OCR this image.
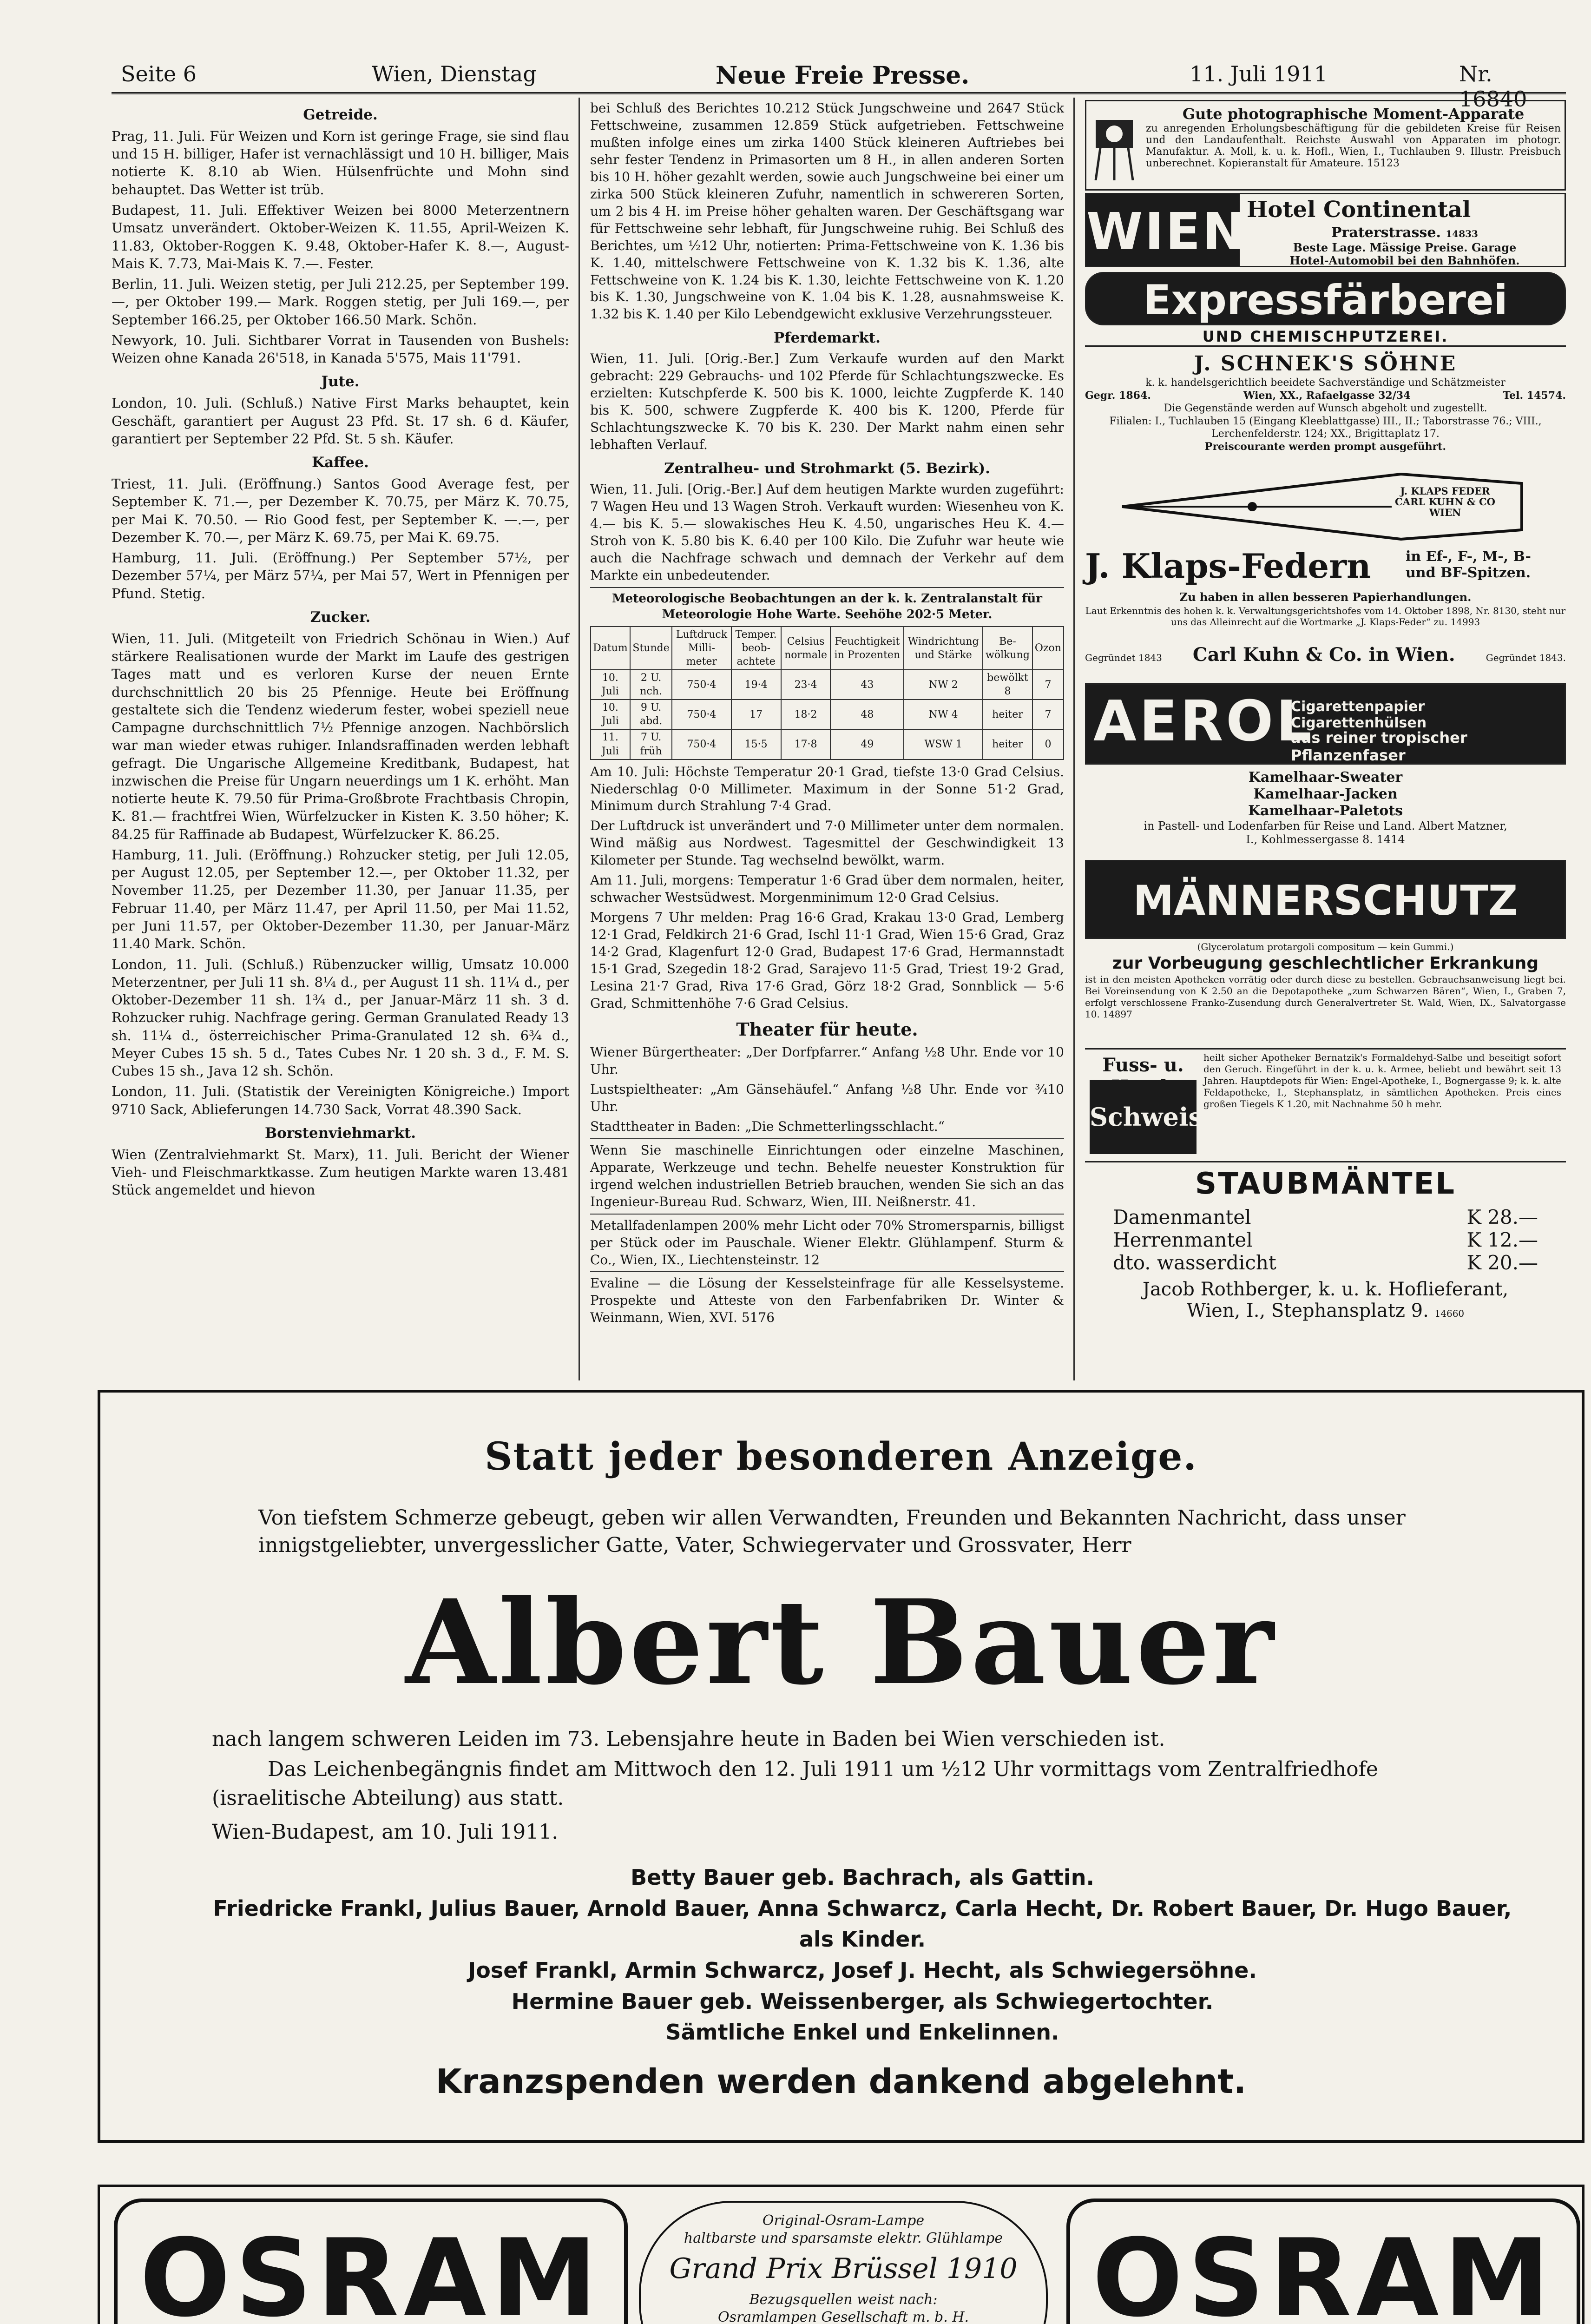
Seite 6	Wien, Dienstag	Neue Freie Presse.	11. Juli 1911	Nr. 16840
Getreide.

Prag, 11. Juli. Für Weizen und Korn ist geringe Frage, sie sind flau und 15 H. billiger, Hafer ist vernachlässigt und 10 H. billiger, Mais notierte K. 8.10 ab Wien. Hülsenfrüchte und Mohn sind behauptet. Das Wetter ist trüb.

Budapest, 11. Juli. Effektiver Weizen bei 8000 Meterzentnern Umsatz unverändert. Oktober-Weizen K. 11.55, April-Weizen K. 11.83, Oktober-Roggen K. 9.48, Oktober-Hafer K. 8.—, August-Mais K. 7.73, Mai-Mais K. 7.—. Fester.

Berlin, 11. Juli. Weizen stetig, per Juli 212.25, per September 199.—, per Oktober 199.— Mark. Roggen stetig, per Juli 169.—, per September 166.25, per Oktober 166.50 Mark. Schön.

Newyork, 10. Juli. Sichtbarer Vorrat in Tausenden von Bushels: Weizen ohne Kanada 26'518, in Kanada 5'575, Mais 11'791.

Jute.

London, 10. Juli. (Schluß.) Native First Marks behauptet, kein Geschäft, garantiert per August 23 Pfd. St. 17 sh. 6 d. Käufer, garantiert per September 22 Pfd. St. 5 sh. Käufer.

Kaffee.

Triest, 11. Juli. (Eröffnung.) Santos Good Average fest, per September K. 71.—, per Dezember K. 70.75, per März K. 70.75, per Mai K. 70.50. — Rio Good fest, per September K. —.—, per Dezember K. 70.—, per März K. 69.75, per Mai K. 69.75.

Hamburg, 11. Juli. (Eröffnung.) Per September 57½, per Dezember 57¼, per März 57¼, per Mai 57, Wert in Pfennigen per Pfund. Stetig.

Zucker.

Wien, 11. Juli. (Mitgeteilt von Friedrich Schönau in Wien.) Auf stärkere Realisationen wurde der Markt im Laufe des gestrigen Tages matt und es verloren Kurse der neuen Ernte durchschnittlich 20 bis 25 Pfennige. Heute bei Eröffnung gestaltete sich die Tendenz wiederum fester, wobei speziell neue Campagne durchschnittlich 7½ Pfennige anzogen. Nachbörslich war man wieder etwas ruhiger. Inlandsraffinaden werden lebhaft gefragt. Die Ungarische Allgemeine Kreditbank, Budapest, hat inzwischen die Preise für Ungarn neuerdings um 1 K. erhöht. Man notierte heute K. 79.50 für Prima-Großbrote Frachtbasis Chropin, K. 81.— frachtfrei Wien, Würfelzucker in Kisten K. 3.50 höher; K. 84.25 für Raffinade ab Budapest, Würfelzucker K. 86.25.

Hamburg, 11. Juli. (Eröffnung.) Rohzucker stetig, per Juli 12.05, per August 12.05, per September 12.—, per Oktober 11.32, per November 11.25, per Dezember 11.30, per Januar 11.35, per Februar 11.40, per März 11.47, per April 11.50, per Mai 11.52, per Juni 11.57, per Oktober-Dezember 11.30, per Januar-März 11.40 Mark. Schön.

London, 11. Juli. (Schluß.) Rübenzucker willig, Umsatz 10.000 Meterzentner, per Juli 11 sh. 8¼ d., per August 11 sh. 11¼ d., per Oktober-Dezember 11 sh. 1¾ d., per Januar-März 11 sh. 3 d. Rohzucker ruhig. Nachfrage gering. German Granulated Ready 13 sh. 11¼ d., österreichischer Prima-Granulated 12 sh. 6¾ d., Meyer Cubes 15 sh. 5 d., Tates Cubes Nr. 1 20 sh. 3 d., F. M. S. Cubes 15 sh., Java 12 sh. Schön.

London, 11. Juli. (Statistik der Vereinigten Königreiche.) Import 9710 Sack, Ablieferungen 14.730 Sack, Vorrat 48.390 Sack.

Borstenviehmarkt.

Wien (Zentralviehmarkt St. Marx), 11. Juli. Bericht der Wiener Vieh- und Fleischmarktkasse. Zum heutigen Markte waren 13.481 Stück angemeldet und hievon

bei Schluß des Berichtes 10.212 Stück Jungschweine und 2647 Stück Fettschweine, zusammen 12.859 Stück aufgetrieben. Fettschweine mußten infolge eines um zirka 1400 Stück kleineren Auftriebes bei sehr fester Tendenz in Primasorten um 8 H., in allen anderen Sorten bis 10 H. höher gezahlt werden, sowie auch Jungschweine bei einer um zirka 500 Stück kleineren Zufuhr, namentlich in schwereren Sorten, um 2 bis 4 H. im Preise höher gehalten waren. Der Geschäftsgang war für Fettschweine sehr lebhaft, für Jungschweine ruhig. Bei Schluß des Berichtes, um ½12 Uhr, notierten: Prima-Fettschweine von K. 1.36 bis K. 1.40, mittelschwere Fettschweine von K. 1.32 bis K. 1.36, alte Fettschweine von K. 1.24 bis K. 1.30, leichte Fettschweine von K. 1.20 bis K. 1.30, Jungschweine von K. 1.04 bis K. 1.28, ausnahmsweise K. 1.32 bis K. 1.40 per Kilo Lebendgewicht exklusive Verzehrungssteuer.

Pferdemarkt.

Wien, 11. Juli. [Orig.-Ber.] Zum Verkaufe wurden auf den Markt gebracht: 229 Gebrauchs- und 102 Pferde für Schlachtungszwecke. Es erzielten: Kutschpferde K. 500 bis K. 1000, leichte Zugpferde K. 140 bis K. 500, schwere Zugpferde K. 400 bis K. 1200, Pferde für Schlachtungszwecke K. 70 bis K. 230. Der Markt nahm einen sehr lebhaften Verlauf.

Zentralheu- und Strohmarkt (5. Bezirk).

Wien, 11. Juli. [Orig.-Ber.] Auf dem heutigen Markte wurden zugeführt: 7 Wagen Heu und 13 Wagen Stroh. Verkauft wurden: Wiesenheu von K. 4.— bis K. 5.— slowakisches Heu K. 4.50, ungarisches Heu K. 4.— Stroh von K. 5.80 bis K. 6.40 per 100 Kilo. Die Zufuhr war heute wie auch die Nachfrage schwach und demnach der Verkehr auf dem Markte ein unbedeutender.

Meteorologische Beobachtungen an der k. k. Zentralanstalt für Meteorologie Hohe Warte. Seehöhe 202·5 Meter.

Datum	Stunde	Luftdruck Milli-meter	Temper. beob-achtete	Celsius normale	Feuchtigkeit in Prozenten	Windrichtung und Stärke	Be-wölkung	Ozon
10. Juli	2 U. nch.	750·4	19·4	23·4	43	NW 2	bewölkt 8	7
10. Juli	9 U. abd.	750·4	17	18·2	48	NW 4	heiter	7
11. Juli	7 U. früh	750·4	15·5	17·8	49	WSW 1	heiter	0

Am 10. Juli: Höchste Temperatur 20·1 Grad, tiefste 13·0 Grad Celsius. Niederschlag 0·0 Millimeter. Maximum in der Sonne 51·2 Grad, Minimum durch Strahlung 7·4 Grad.

Der Luftdruck ist unverändert und 7·0 Millimeter unter dem normalen. Wind mäßig aus Nordwest. Tagesmittel der Geschwindigkeit 13 Kilometer per Stunde. Tag wechselnd bewölkt, warm.

Am 11. Juli, morgens: Temperatur 1·6 Grad über dem normalen, heiter, schwacher Westsüdwest. Morgenminimum 12·0 Grad Celsius.

Morgens 7 Uhr melden: Prag 16·6 Grad, Krakau 13·0 Grad, Lemberg 12·1 Grad, Feldkirch 21·6 Grad, Ischl 11·1 Grad, Wien 15·6 Grad, Graz 14·2 Grad, Klagenfurt 12·0 Grad, Budapest 17·6 Grad, Hermannstadt 15·1 Grad, Szegedin 18·2 Grad, Sarajevo 11·5 Grad, Triest 19·2 Grad, Lesina 21·7 Grad, Riva 17·6 Grad, Görz 18·2 Grad, Sonnblick — 5·6 Grad, Schmittenhöhe 7·6 Grad Celsius.

Theater für heute.

Wiener Bürgertheater: „Der Dorfpfarrer.“ Anfang ½8 Uhr. Ende vor 10 Uhr.

Lustspieltheater: „Am Gänsehäufel.“ Anfang ½8 Uhr. Ende vor ¾10 Uhr.

Stadttheater in Baden: „Die Schmetterlingsschlacht.“

Wenn Sie maschinelle Einrichtungen oder einzelne Maschinen, Apparate, Werkzeuge und techn. Behelfe neuester Konstruktion für irgend welchen industriellen Betrieb brauchen, wenden Sie sich an das Ingenieur-Bureau Rud. Schwarz, Wien, III. Neißnerstr. 41.

Metallfadenlampen 200% mehr Licht oder 70% Stromersparnis, billigst per Stück oder im Pauschale. Wiener Elektr. Glühlampenf. Sturm & Co., Wien, IX., Liechtensteinstr. 12

Evaline — die Lösung der Kesselsteinfrage für alle Kesselsysteme. Prospekte und Atteste von den Farbenfabriken Dr. Winter & Weinmann, Wien, XVI. 5176

Gute photographische Moment-Apparate
zu anregenden Erholungsbeschäftigung für die gebildeten Kreise für Reisen und den Landaufenthalt. Reichste Auswahl von Apparaten im photogr. Manufaktur. A. Moll, k. u. k. Hofl., Wien, I., Tuchlauben 9. Illustr. Preisbuch unberechnet. Kopieranstalt für Amateure. 15123
WIEN Hotel Continental
Praterstrasse. 14833
Beste Lage. Mässige Preise. Garage
Hotel-Automobil bei den Bahnhöfen.
Expressfärberei
UND CHEMISCHPUTZEREI.
J. SCHNEK'S SÖHNE
k. k. handelsgerichtlich beeidete Sachverständige und Schätzmeister
Gegr. 1864.	Wien, XX., Rafaelgasse 32/34	Tel. 14574.
Die Gegenstände werden auf Wunsch abgeholt und zugestellt.
Filialen: I., Tuchlauben 15 (Eingang Kleeblattgasse) III., II.; Taborstrasse 76.; VIII., Lerchenfelderstr. 124; XX., Brigittaplatz 17.
Preiscourante werden prompt ausgeführt.
J. KLAPS FEDER CARL KUHN & CO WIEN
J. Klaps-Federn	in Ef-, F-, M-, B- und BF-Spitzen.
Zu haben in allen besseren Papierhandlungen.
Laut Erkenntnis des hohen k. k. Verwaltungsgerichtshofes vom 14. Oktober 1898, Nr. 8130, steht nur uns das Alleinrecht auf die Wortmarke „J. Klaps-Feder“ zu. 14993
Gegründet 1843 Carl Kuhn & Co. in Wien.	Gegründet 1843.
AEROL
Cigarettenpapier Cigarettenhülsen
aus reiner tropischer Pflanzenfaser
Kamelhaar-Sweater
Kamelhaar-Jacken
Kamelhaar-Paletots
in Pastell- und Lodenfarben für Reise und Land. Albert Matzner,
I., Kohlmessergasse 8. 1414
MÄNNERSCHUTZ
(Glycerolatum protargoli compositum — kein Gummi.)
zur Vorbeugung geschlechtlicher Erkrankung
ist in den meisten Apotheken vorrätig oder durch diese zu bestellen. Gebrauchsanweisung liegt bei. Bei Voreinsendung von K 2.50 an die Depotapotheke „zum Schwarzen Bären“, Wien, I., Graben 7, erfolgt verschlossene Franko-Zusendung durch Generalvertreter St. Wald, Wien, IX., Salvatorgasse 10. 14897
Fuss- u.
Schweiss
heilt sicher Apotheker Bernatzik's Formaldehyd-Salbe und beseitigt sofort den Geruch. Eingeführt in der k. u. k. Armee, beliebt und bewährt seit 13 Jahren. Hauptdepots für Wien: Engel-Apotheke, I., Bognergasse 9; k. k. alte Feldapotheke, I., Stephansplatz, in sämtlichen Apotheken. Preis eines großen Tiegels K 1.20, mit Nachnahme 50 h mehr.
STAUBMÄNTEL
Damenmantel	K 28.—
Herrenmantel	K 12.—
dto. wasserdicht	K 20.—
Jacob Rothberger, k. u. k. Hoflieferant,
Wien, I., Stephansplatz 9. 14660
Statt jeder besonderen Anzeige.
Von tiefstem Schmerze gebeugt, geben wir allen Verwandten, Freunden und Bekannten Nachricht, dass unser innigstgeliebter, unvergesslicher Gatte, Vater, Schwiegervater und Grossvater, Herr
Albert Bauer
nach langem schweren Leiden im 73. Lebensjahre heute in Baden bei Wien verschieden ist.
Das Leichenbegängnis findet am Mittwoch den 12. Juli 1911 um ½12 Uhr vormittags vom Zentralfriedhofe (israelitische Abteilung) aus statt.
Wien-Budapest, am 10. Juli 1911.
Betty Bauer geb. Bachrach, als Gattin.
Friedricke Frankl, Julius Bauer, Arnold Bauer, Anna Schwarcz, Carla Hecht, Dr. Robert Bauer, Dr. Hugo Bauer, als Kinder.
Josef Frankl, Armin Schwarcz, Josef J. Hecht, als Schwiegersöhne.
Hermine Bauer geb. Weissenberger, als Schwiegertochter.
Sämtliche Enkel und Enkelinnen.
Kranzspenden werden dankend abgelehnt.
OSRAM	Original-Osram-Lampe
haltbarste und sparsamste elektr. Glühlampe
Grand Prix Brüssel 1910
Bezugsquellen weist nach:
Osramlampen Gesellschaft m. b. H.	OSRAM
